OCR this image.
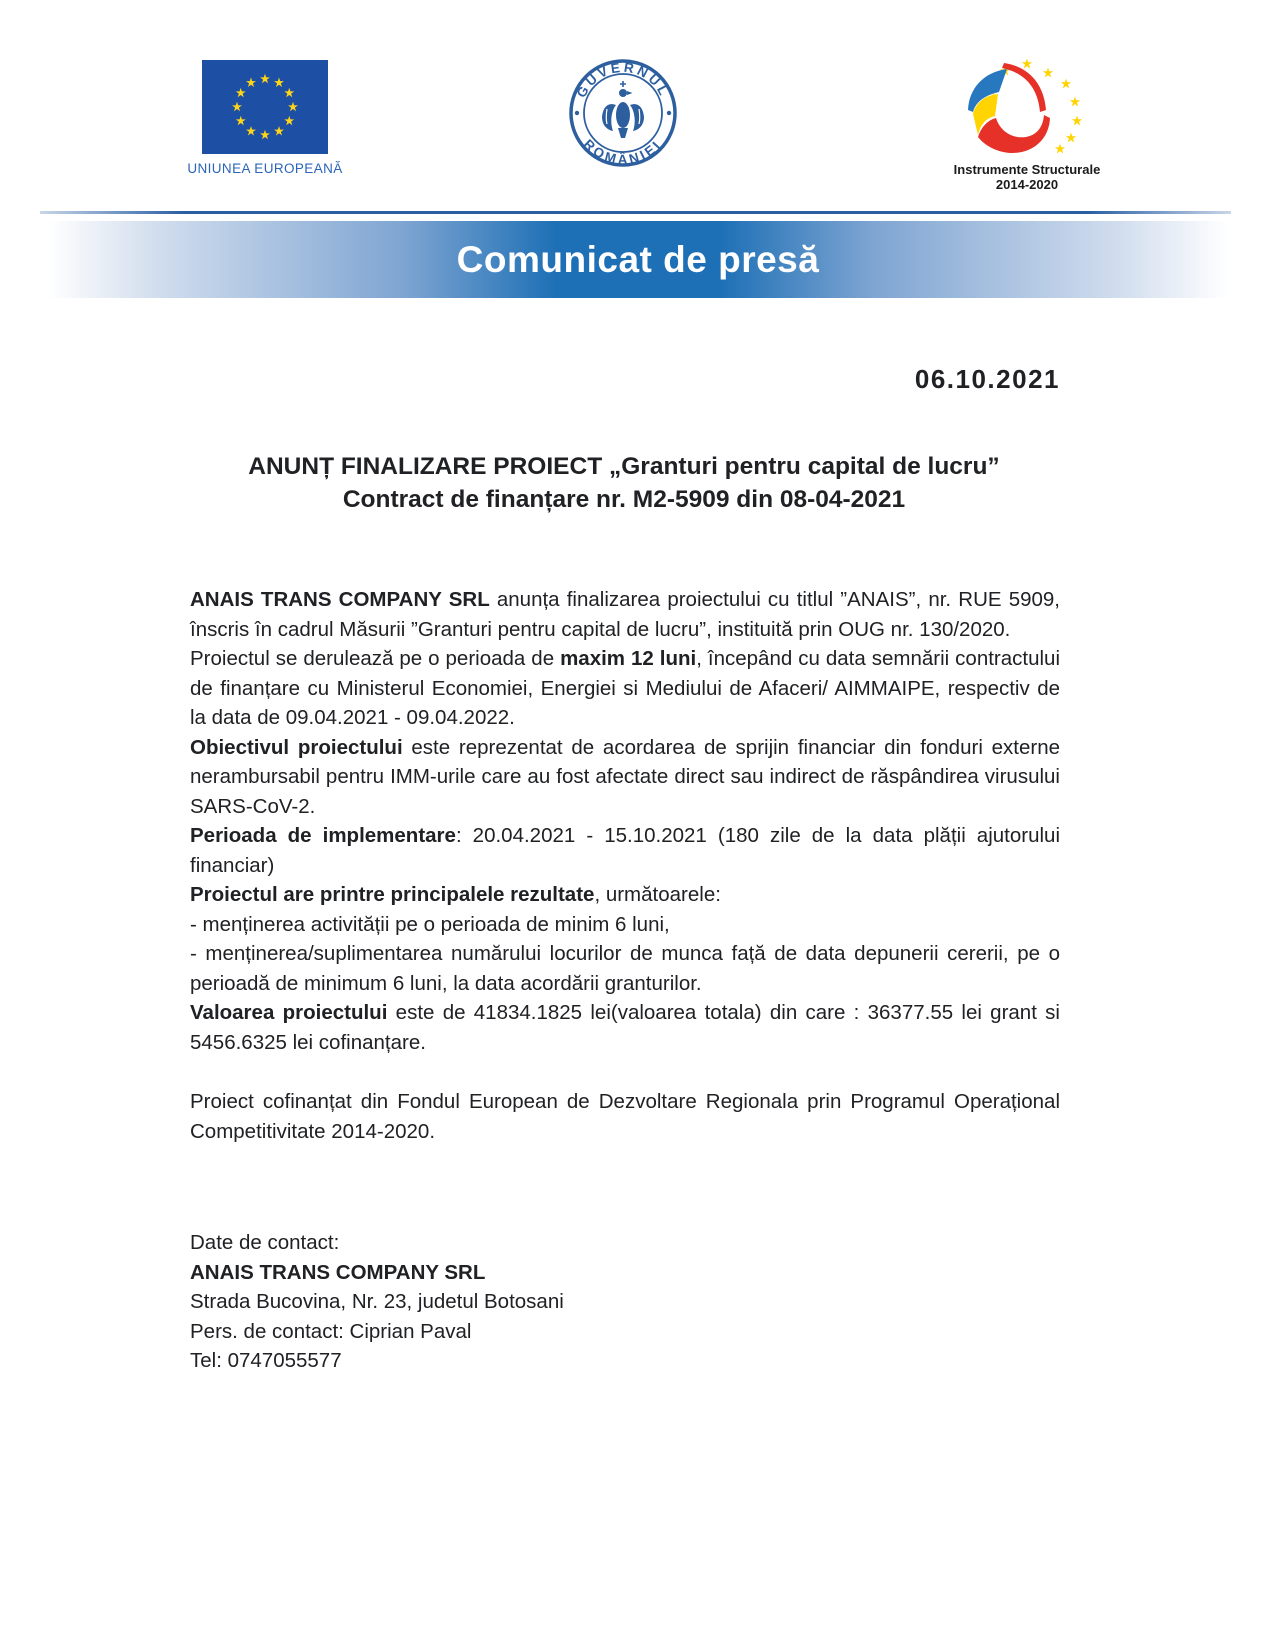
UNIUNEA EUROPEANĂ
GUVERNUL
ROMÂNIEI
Instrumente Structurale
2014-2020
Comunicat de presă
06.10.2021
ANUNȚ FINALIZARE PROIECT „Granturi pentru capital de lucru”
Contract de finanțare nr. M2-5909 din 08-04-2021

ANAIS TRANS COMPANY SRL anunța finalizarea proiectului cu titlul ”ANAIS”, nr. RUE 5909, înscris în cadrul Măsurii ”Granturi pentru capital de lucru”, instituită prin OUG nr. 130/2020.

Proiectul se derulează pe o perioada de maxim 12 luni, începând cu data semnării contractului de finanțare cu Ministerul Economiei, Energiei si Mediului de Afaceri/ AIMMAIPE, respectiv de la data de 09.04.2021 - 09.04.2022.

Obiectivul proiectului este reprezentat de acordarea de sprijin financiar din fonduri externe nerambursabil pentru IMM-urile care au fost afectate direct sau indirect de răspândirea virusului SARS-CoV-2.

Perioada de implementare: 20.04.2021 - 15.10.2021 (180 zile de la data plății ajutorului financiar)

Proiectul are printre principalele rezultate, următoarele:

- menținerea activității pe o perioada de minim 6 luni,

- menținerea/suplimentarea numărului locurilor de munca față de data depunerii cererii, pe o perioadă de minimum 6 luni, la data acordării granturilor.

Valoarea proiectului este de 41834.1825 lei(valoarea totala) din care : 36377.55 lei grant si 5456.6325 lei cofinanțare.

Proiect cofinanțat din Fondul European de Dezvoltare Regionala prin Programul Operațional Competitivitate 2014-2020.

Date de contact:
ANAIS TRANS COMPANY SRL
Strada Bucovina, Nr. 23, judetul Botosani
Pers. de contact: Ciprian Paval
Tel: 0747055577
